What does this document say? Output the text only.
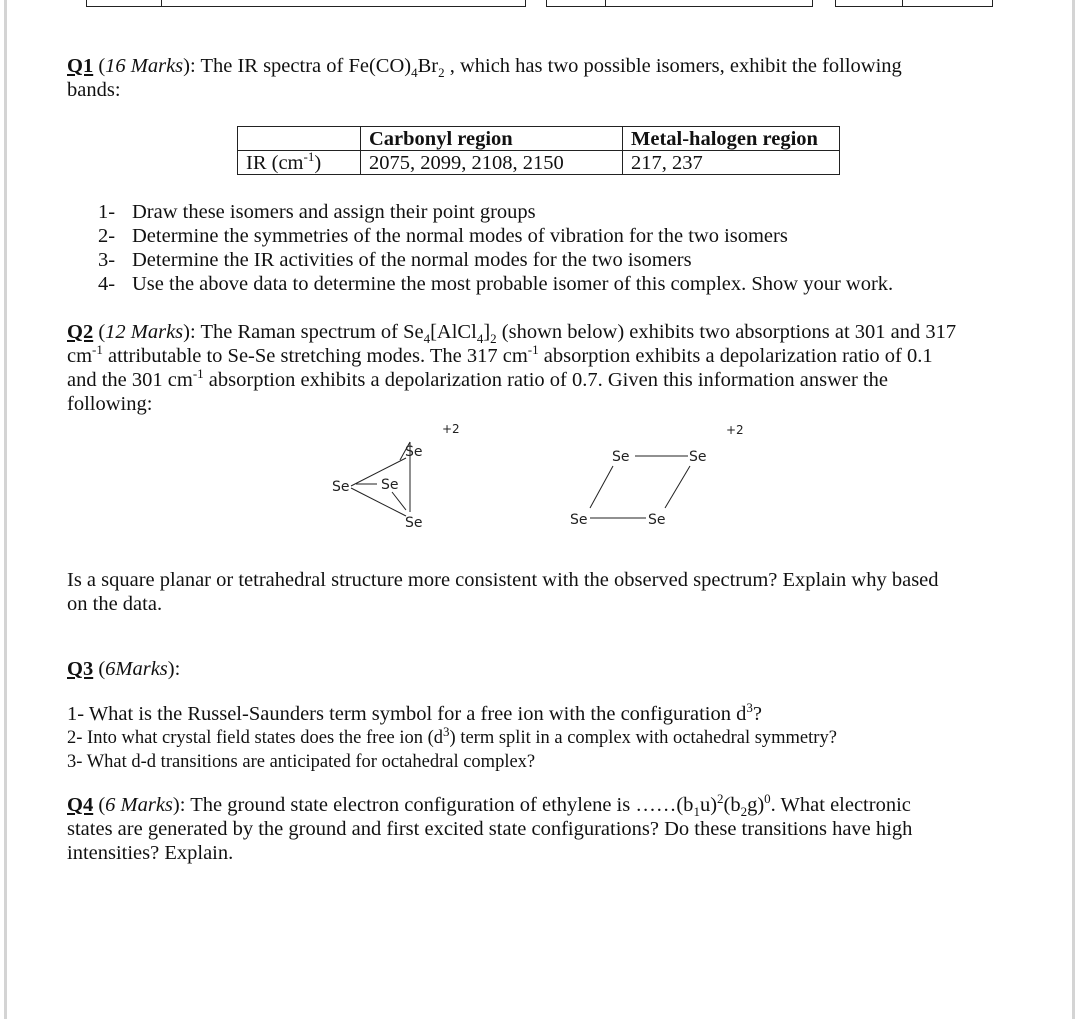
Q1 (16 Marks): The IR spectra of $Fe(CO)_4Br_2$ , which has two possible isomers, exhibit the following
bands:
	Carbonyl region	Metal-halogen region
IR $(cm^{-1})$	2075, 2099, 2108, 2150	217, 237
1- Draw these isomers and assign their point groups
2- Determine the symmetries of the normal modes of vibration for the two isomers
3- Determine the IR activities of the normal modes for the two isomers
4- Use the above data to determine the most probable isomer of this complex. Show your work.
Q2 (12 Marks): The Raman spectrum of $Se_4[AlCl_4]_2$ (shown below) exhibits two absorptions at 301 and 317
$cm^{-1}$ attributable to Se-Se stretching modes. The 317 $cm^{-1}$ absorption exhibits a depolarization ratio of 0.1
and the 301 $cm^{-1}$ absorption exhibits a depolarization ratio of 0.7. Given this information answer the
following:
Se
Se
Se
Se
+2
Se	Se
Se	Se
+2
Is a square planar or tetrahedral structure more consistent with the observed spectrum? Explain why based
on the data.
Q3 (6Marks):
1- What is the Russel-Saunders term symbol for a free ion with the configuration $d^3$?
2- Into what crystal field states does the free ion $(d^3)$ term split in a complex with octahedral symmetry?
3- What d-d transitions are anticipated for octahedral complex?
Q4 (6 Marks): The ground state electron configuration of ethylene is $\dots\dots(b_1u)^2(b_2g)^0$. What electronic
states are generated by the ground and first excited state configurations? Do these transitions have high
intensities? Explain.
